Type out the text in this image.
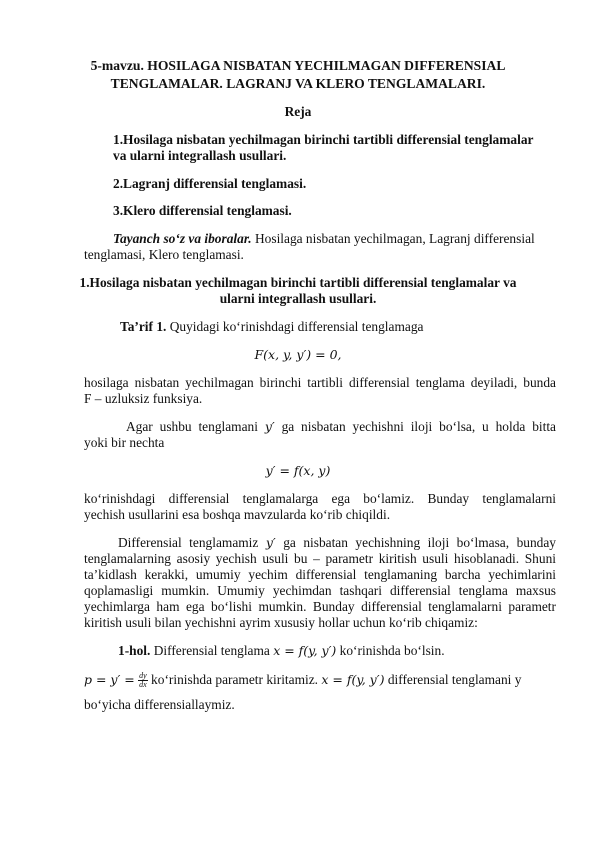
5-mavzu. HOSILAGA NISBATAN YECHILMAGAN DIFFERENSIAL
TENGLAMALAR. LAGRANJ VA KLERO TENGLAMALARI.
Reja
1.Hosilaga nisbatan yechilmagan birinchi tartibli differensial tenglamalar
va ularni integrallash usullari.
2.Lagranj differensial tenglamasi.
3.Klero differensial tenglamasi.
Tayanch so‘z va iboralar. Hosilaga nisbatan yechilmagan, Lagranj differensial
tenglamasi, Klero tenglamasi.
1.Hosilaga nisbatan yechilmagan birinchi tartibli differensial tenglamalar va
ularni integrallash usullari.
Ta’rif 1. Quyidagi ko‘rinishdagi differensial tenglamaga
F(x, y, y′) = 0,
hosilaga nisbatan yechilmagan birinchi tartibli differensial tenglama deyiladi, bunda
F – uzluksiz funksiya.
Agar ushbu tenglamani y′ ga nisbatan yechishni iloji bo‘lsa, u holda bitta
yoki bir nechta
y′ = f(x, y)
ko‘rinishdagi differensial tenglamalarga ega bo‘lamiz. Bunday tenglamalarni
yechish usullarini esa boshqa mavzularda ko‘rib chiqildi.
Differensial tenglamamiz y′ ga nisbatan yechishning iloji bo‘lmasa, bunday
tenglamalarning asosiy yechish usuli bu – parametr kiritish usuli hisoblanadi. Shuni
ta’kidlash kerakki, umumiy yechim differensial tenglamaning barcha yechimlarini
qoplamasligi mumkin. Umumiy yechimdan tashqari differensial tenglama maxsus
yechimlarga ham ega bo‘lishi mumkin. Bunday differensial tenglamalarni parametr
kiritish usuli bilan yechishni ayrim xususiy hollar uchun ko‘rib chiqamiz:
1-hol. Differensial tenglama x = f(y, y′) ko‘rinishda bo‘lsin.
$p = y' = \frac{dy}{dx}$ ko‘rinishda parametr kiritamiz. x = f(y, y′) differensial tenglamani y
bo‘yicha differensiallaymiz.
